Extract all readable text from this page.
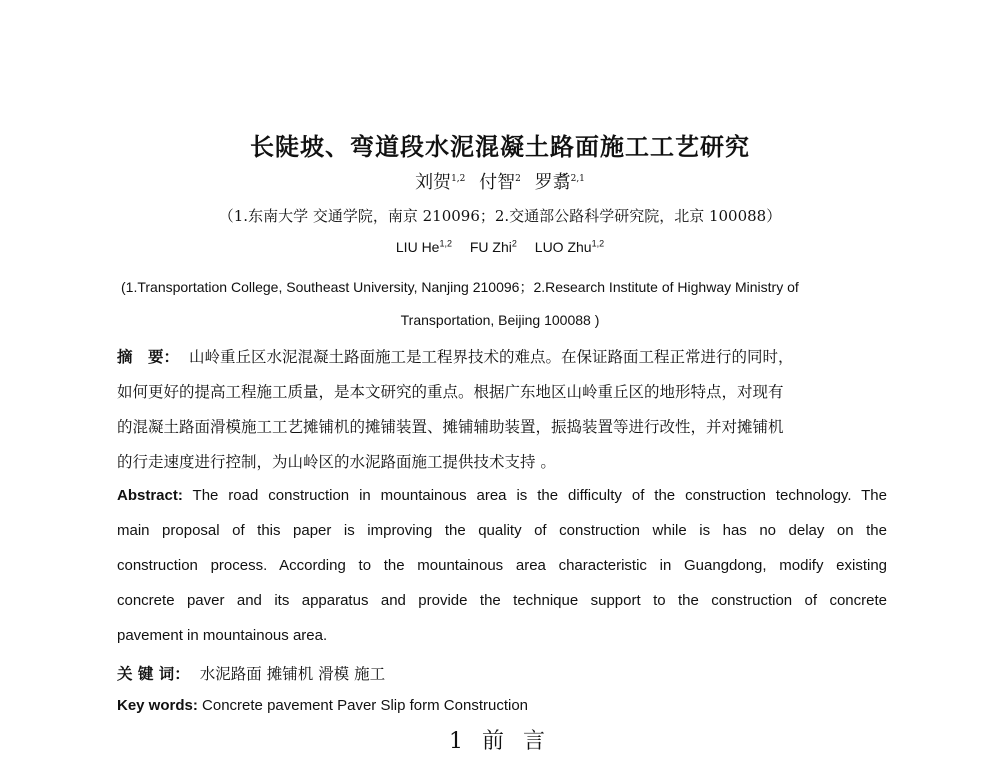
长陡坡、弯道段水泥混凝土路面施工工艺研究
刘贺$^{1,2}$ 付智$^2$ 罗翥$^{2,1}$
（1.东南大学 交通学院，南京 210096；2.交通部公路科学研究院，北京 100088）
LIU He$^{1,2}$ FU Zhi$^2$ LUO Zhu$^{1,2}$
(1.Transportation College, Southeast University, Nanjing 210096；2.Research Institute of Highway Ministry of
Transportation, Beijing 100088 )
摘　要： 山岭重丘区水泥混凝土路面施工是工程界技术的难点。在保证路面工程正常进行的同时，
如何更好的提高工程施工质量，是本文研究的重点。根据广东地区山岭重丘区的地形特点，对现有
的混凝土路面滑模施工工艺摊铺机的摊铺装置、摊铺辅助装置，振捣装置等进行改性，并对摊铺机
的行走速度进行控制，为山岭区的水泥路面施工提供技术支持 。
Abstract: The road construction in mountainous area is the difficulty of the construction technology. The
main proposal of this paper is improving the quality of construction while is has no delay on the
construction process. According to the mountainous area characteristic in Guangdong, modify existing
concrete paver and its apparatus and provide the technique support to the construction of concrete
pavement in mountainous area.
关 键 词： 水泥路面 摊铺机 滑模 施工
Key words: Concrete pavement Paver Slip form Construction
1 前 言
